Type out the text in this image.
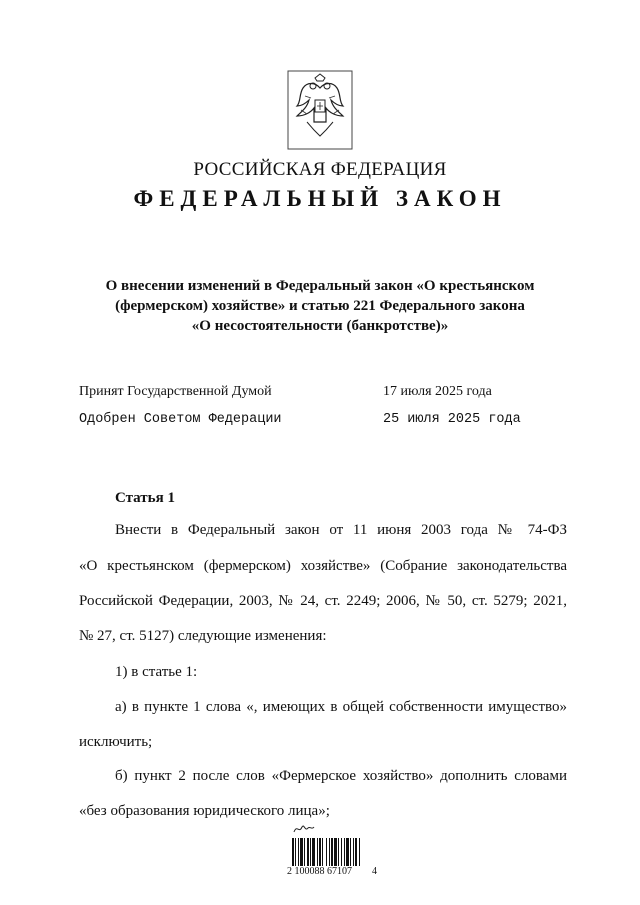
РОССИЙСКАЯ ФЕДЕРАЦИЯ
ФЕДЕРАЛЬНЫЙ ЗАКОН
О внесении изменений в Федеральный закон «О крестьянском
(фермерском) хозяйстве» и статью 221 Федерального закона
«О несостоятельности (банкротстве)»
Принят Государственной Думой	17 июля 2025 года
Одобрен Советом Федерации	25 июля 2025 года
Статья 1
Внести в Федеральный закон от 11 июня 2003 года № 74-ФЗ
«О крестьянском (фермерском) хозяйстве» (Собрание законодательства
Российской Федерации, 2003, № 24, ст. 2249; 2006, № 50, ст. 5279; 2021,
№ 27, ст. 5127) следующие изменения:
1) в статье 1:
а) в пункте 1 слова «, имеющих в общей собственности имущество»
исключить;
б) пункт 2 после слов «Фермерское хозяйство» дополнить словами
«без образования юридического лица»;
2 100088 67107 4
